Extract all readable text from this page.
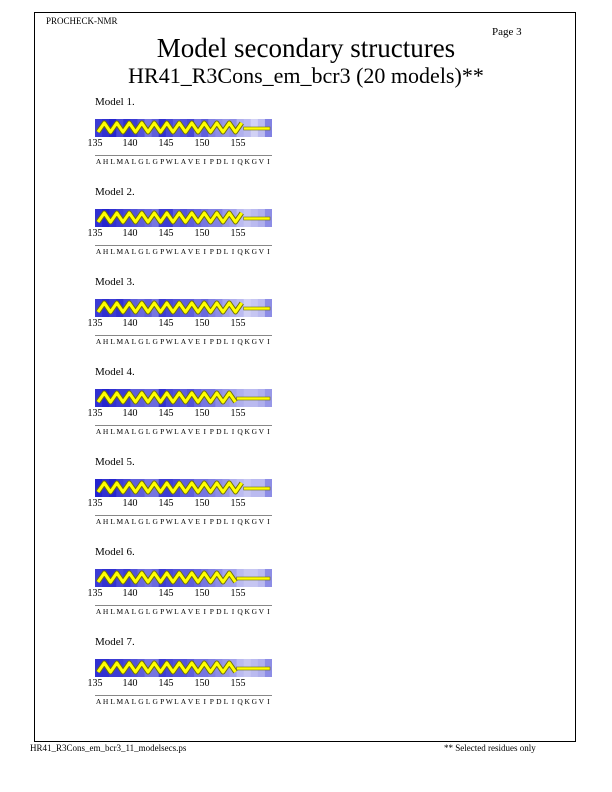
PROCHECK-NMR
Page 3
Model secondary structures
HR41_R3Cons_em_bcr3 (20 models)**
Model 1.
135 140 145 150 155
A H L M A L G L G P W L A V E I P D L I Q K G V I
Model 2.
135 140 145 150 155
A H L M A L G L G P W L A V E I P D L I Q K G V I
Model 3.
135 140 145 150 155
A H L M A L G L G P W L A V E I P D L I Q K G V I
Model 4.
135 140 145 150 155
A H L M A L G L G P W L A V E I P D L I Q K G V I
Model 5.
135 140 145 150 155
A H L M A L G L G P W L A V E I P D L I Q K G V I
Model 6.
135 140 145 150 155
A H L M A L G L G P W L A V E I P D L I Q K G V I
Model 7.
135 140 145 150 155
A H L M A L G L G P W L A V E I P D L I Q K G V I
HR41_R3Cons_em_bcr3_11_modelsecs.ps	** Selected residues only
